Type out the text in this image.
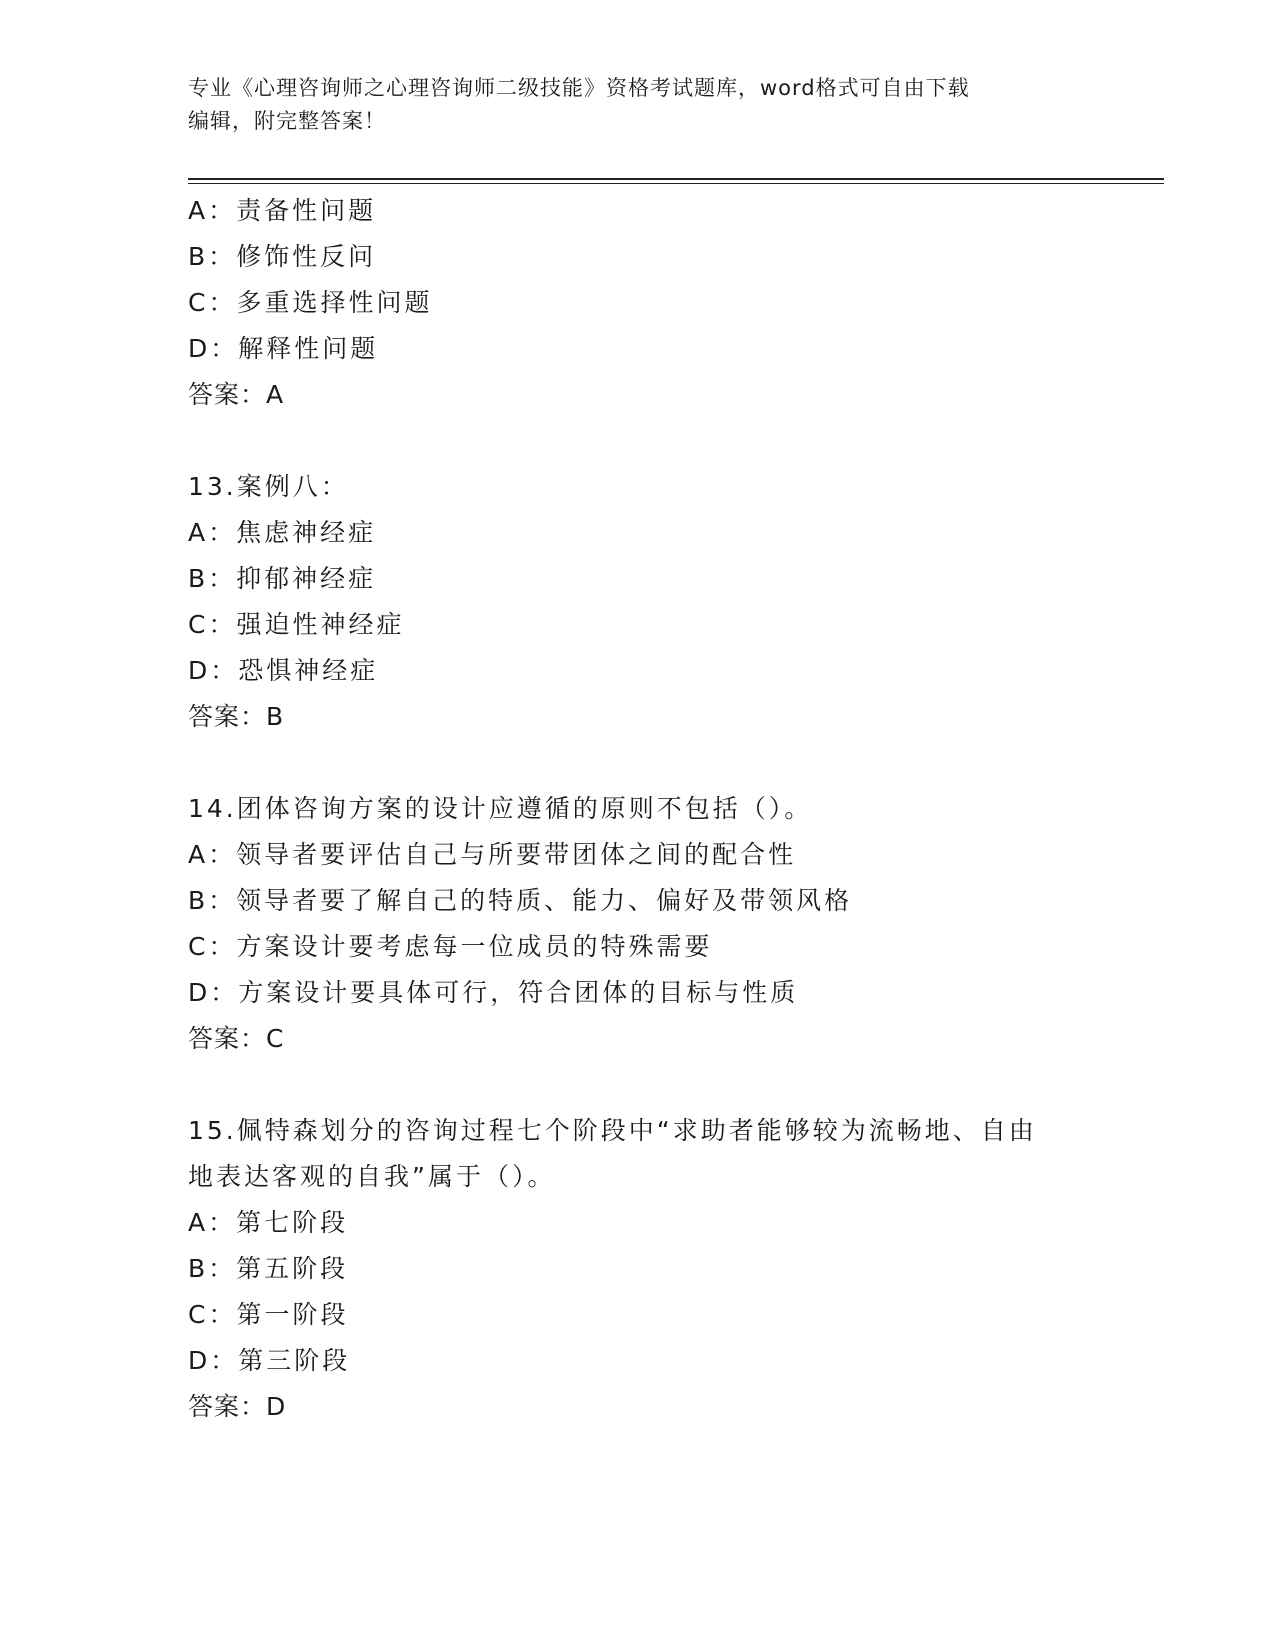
专业《心理咨询师之心理咨询师二级技能》资格考试题库，word格式可自由下载
编辑，附完整答案！
A：责备性问题
B：修饰性反问
C：多重选择性问题
D：解释性问题
答案：A
13.案例八：
A：焦虑神经症
B：抑郁神经症
C：强迫性神经症
D：恐惧神经症
答案：B
14.团体咨询方案的设计应遵循的原则不包括（）。
A：领导者要评估自己与所要带团体之间的配合性
B：领导者要了解自己的特质、能力、偏好及带领风格
C：方案设计要考虑每一位成员的特殊需要
D：方案设计要具体可行，符合团体的目标与性质
答案：C
15.佩特森划分的咨询过程七个阶段中“求助者能够较为流畅地、自由
地表达客观的自我”属于（）。
A：第七阶段
B：第五阶段
C：第一阶段
D：第三阶段
答案：D
